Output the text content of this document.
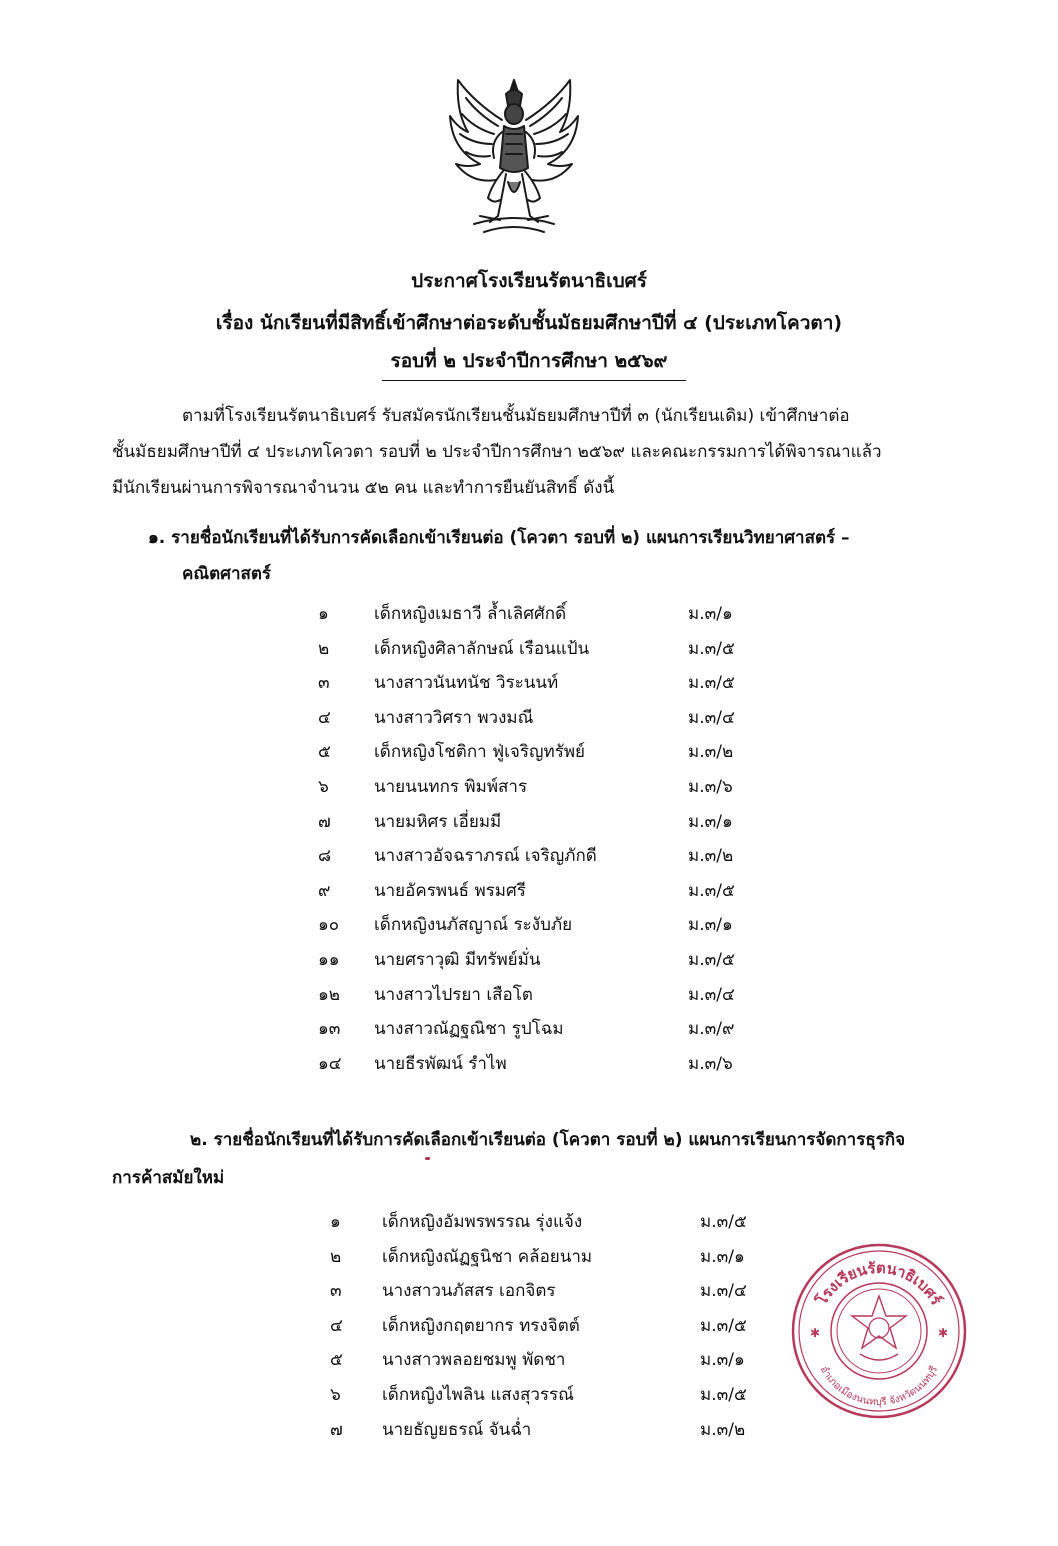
ประกาศโรงเรียนรัตนาธิเบศร์
เรื่อง นักเรียนที่มีสิทธิ์เข้าศึกษาต่อระดับชั้นมัธยมศึกษาปีที่ ๔ (ประเภทโควตา)
รอบที่ ๒ ประจำปีการศึกษา ๒๕๖๙
ตามที่โรงเรียนรัตนาธิเบศร์ รับสมัครนักเรียนชั้นมัธยมศึกษาปีที่ ๓ (นักเรียนเดิม) เข้าศึกษาต่อ
ชั้นมัธยมศึกษาปีที่ ๔ ประเภทโควตา รอบที่ ๒ ประจำปีการศึกษา ๒๕๖๙ และคณะกรรมการได้พิจารณาแล้ว
มีนักเรียนผ่านการพิจารณาจำนวน ๕๒ คน และทำการยืนยันสิทธิ์ ดังนี้
๑. รายชื่อนักเรียนที่ได้รับการคัดเลือกเข้าเรียนต่อ (โควตา รอบที่ ๒) แผนการเรียนวิทยาศาสตร์ –
คณิตศาสตร์
๑	เด็กหญิงเมธาวี ล้ำเลิศศักดิ์	ม.๓/๑
๒	เด็กหญิงศิลาลักษณ์ เรือนแป้น	ม.๓/๕
๓	นางสาวนันทนัช วิระนนท์	ม.๓/๕
๔	นางสาววิศรา พวงมณี	ม.๓/๔
๕	เด็กหญิงโชติกา ฟู่เจริญทรัพย์	ม.๓/๒
๖	นายนนทกร พิมพ์สาร	ม.๓/๖
๗	นายมหิศร เอี่ยมมี	ม.๓/๑
๘	นางสาวอัจฉราภรณ์ เจริญภักดี	ม.๓/๒
๙	นายอัครพนธ์ พรมศรี	ม.๓/๕
๑๐ เด็กหญิงนภัสญาณ์ ระงับภัย	ม.๓/๑
๑๑ นายศราวุฒิ มีทรัพย์มั่น	ม.๓/๕
๑๒ นางสาวไปรยา เสือโต	ม.๓/๔
๑๓ นางสาวณัฏฐณิชา รูปโฉม	ม.๓/๙
๑๔ นายธีรพัฒน์ รำไพ	ม.๓/๖
๒. รายชื่อนักเรียนที่ได้รับการคัดเลือกเข้าเรียนต่อ (โควตา รอบที่ ๒) แผนการเรียนการจัดการธุรกิจ
การค้าสมัยใหม่
๑ เด็กหญิงอัมพรพรรณ รุ่งแจ้ง	ม.๓/๕
๒ เด็กหญิงณัฏฐนิชา คล้อยนาม	ม.๓/๑
๓ นางสาวนภัสสร เอกจิตร	ม.๓/๔
๔ เด็กหญิงกฤตยากร ทรงจิตต์	ม.๓/๕
๕ นางสาวพลอยชมพู พัดชา	ม.๓/๑
๖ เด็กหญิงไพลิน แสงสุวรรณ์	ม.๓/๕
๗ นายธัญยธรณ์ จันฉ่ำ	ม.๓/๒
โรงเรียนรัตนาธิเบศร์
อำเภอเมืองนนทบุรี จังหวัดนนทบุรี
✱	✱
